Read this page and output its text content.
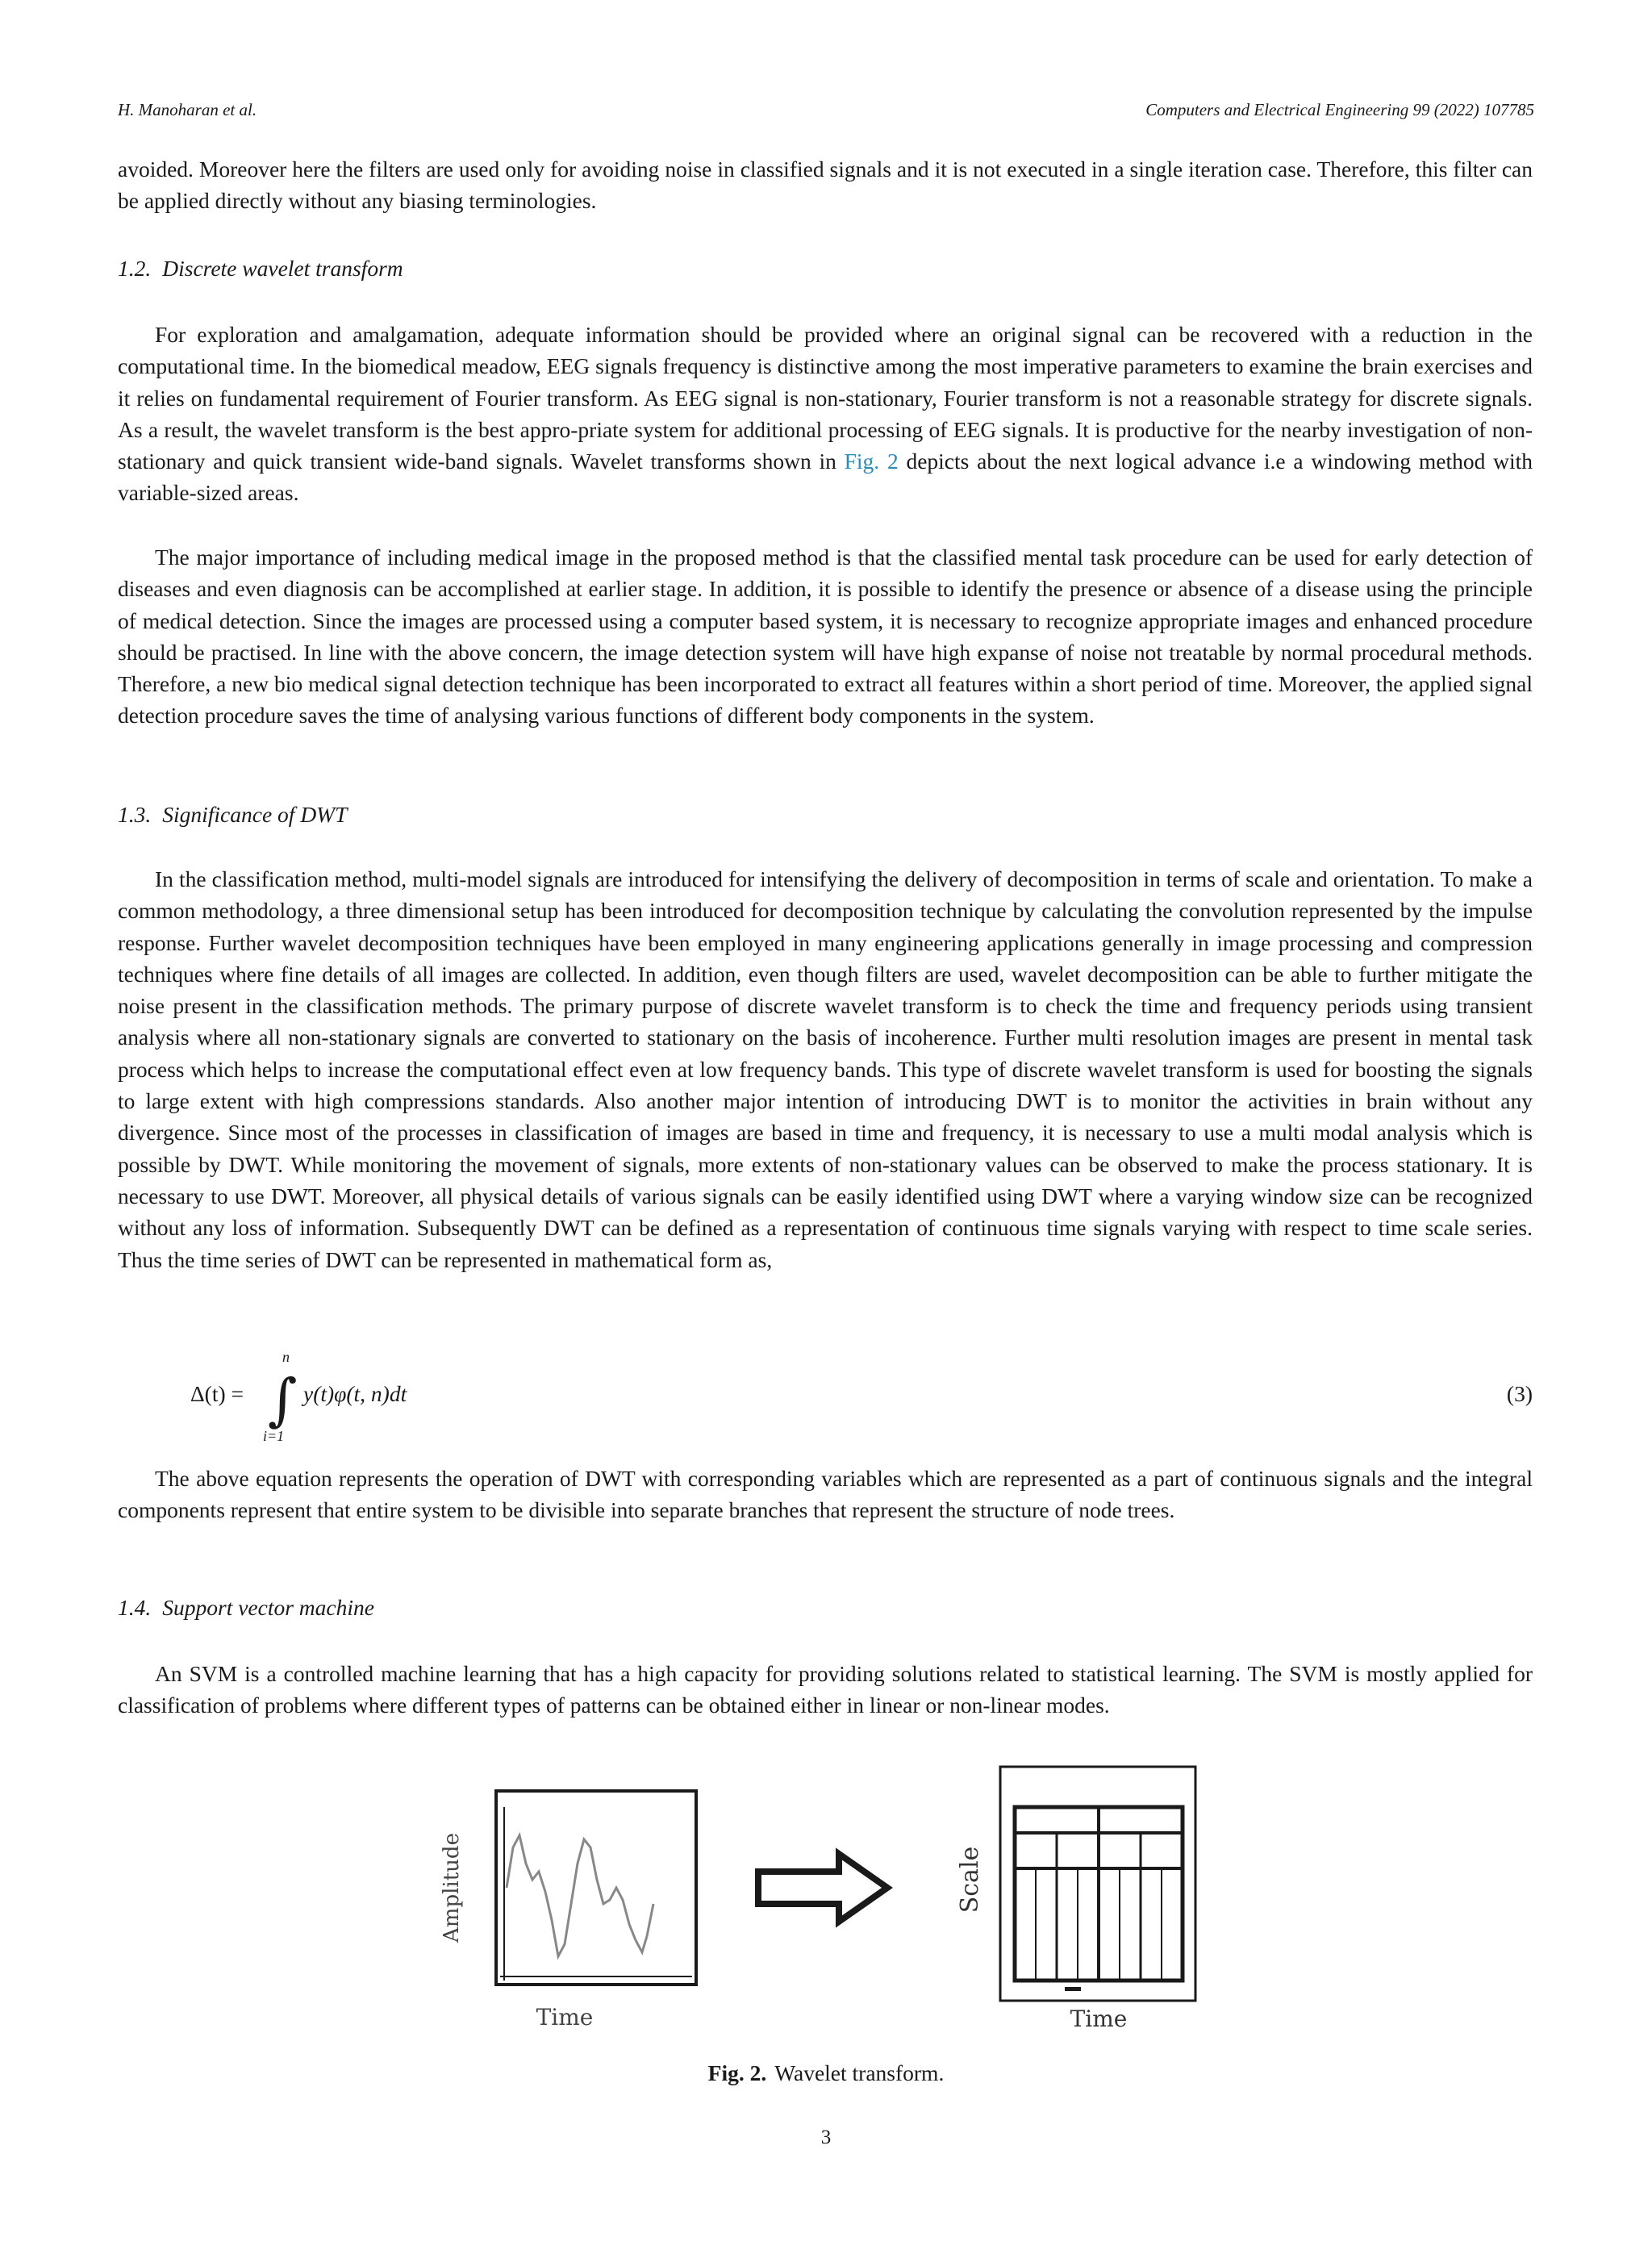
H. Manoharan et al.	Computers and Electrical Engineering 99 (2022) 107785

avoided. Moreover here the filters are used only for avoiding noise in classified signals and it is not executed in a single iteration case. Therefore, this filter can be applied directly without any biasing terminologies.

1.2. Discrete wavelet transform

For exploration and amalgamation, adequate information should be provided where an original signal can be recovered with a reduction in the computational time. In the biomedical meadow, EEG signals frequency is distinctive among the most imperative parameters to examine the brain exercises and it relies on fundamental requirement of Fourier transform. As EEG signal is non-stationary, Fourier transform is not a reasonable strategy for discrete signals. As a result, the wavelet transform is the best appro-priate system for additional processing of EEG signals. It is productive for the nearby investigation of non-stationary and quick transient wide-band signals. Wavelet transforms shown in Fig. 2 depicts about the next logical advance i.e a windowing method with variable-sized areas.

The major importance of including medical image in the proposed method is that the classified mental task procedure can be used for early detection of diseases and even diagnosis can be accomplished at earlier stage. In addition, it is possible to identify the presence or absence of a disease using the principle of medical detection. Since the images are processed using a computer based system, it is necessary to recognize appropriate images and enhanced procedure should be practised. In line with the above concern, the image detection system will have high expanse of noise not treatable by normal procedural methods. Therefore, a new bio medical signal detection technique has been incorporated to extract all features within a short period of time. Moreover, the applied signal detection procedure saves the time of analysing various functions of different body components in the system.

1.3. Significance of DWT

In the classification method, multi-model signals are introduced for intensifying the delivery of decomposition in terms of scale and orientation. To make a common methodology, a three dimensional setup has been introduced for decomposition technique by calculating the convolution represented by the impulse response. Further wavelet decomposition techniques have been employed in many engineering applications generally in image processing and compression techniques where fine details of all images are collected. In addition, even though filters are used, wavelet decomposition can be able to further mitigate the noise present in the classification methods. The primary purpose of discrete wavelet transform is to check the time and frequency periods using transient analysis where all non-stationary signals are converted to stationary on the basis of incoherence. Further multi resolution images are present in mental task process which helps to increase the computational effect even at low frequency bands. This type of discrete wavelet transform is used for boosting the signals to large extent with high compressions standards. Also another major intention of introducing DWT is to monitor the activities in brain without any divergence. Since most of the processes in classification of images are based in time and frequency, it is necessary to use a multi modal analysis which is possible by DWT. While monitoring the movement of signals, more extents of non-stationary values can be observed to make the process stationary. It is necessary to use DWT. Moreover, all physical details of various signals can be easily identified using DWT where a varying window size can be recognized without any loss of information. Subsequently DWT can be defined as a representation of continuous time signals varying with respect to time scale series. Thus the time series of DWT can be represented in mathematical form as,

Δ(t) =
n
∫
i=1
y(t)φ(t, n)dt	(3)

The above equation represents the operation of DWT with corresponding variables which are represented as a part of continuous signals and the integral components represent that entire system to be divisible into separate branches that represent the structure of node trees.

1.4. Support vector machine

An SVM is a controlled machine learning that has a high capacity for providing solutions related to statistical learning. The SVM is mostly applied for classification of problems where different types of patterns can be obtained either in linear or non-linear modes.

Amplitude
Time
Scale
Time
Fig. 2. Wavelet transform.
3
